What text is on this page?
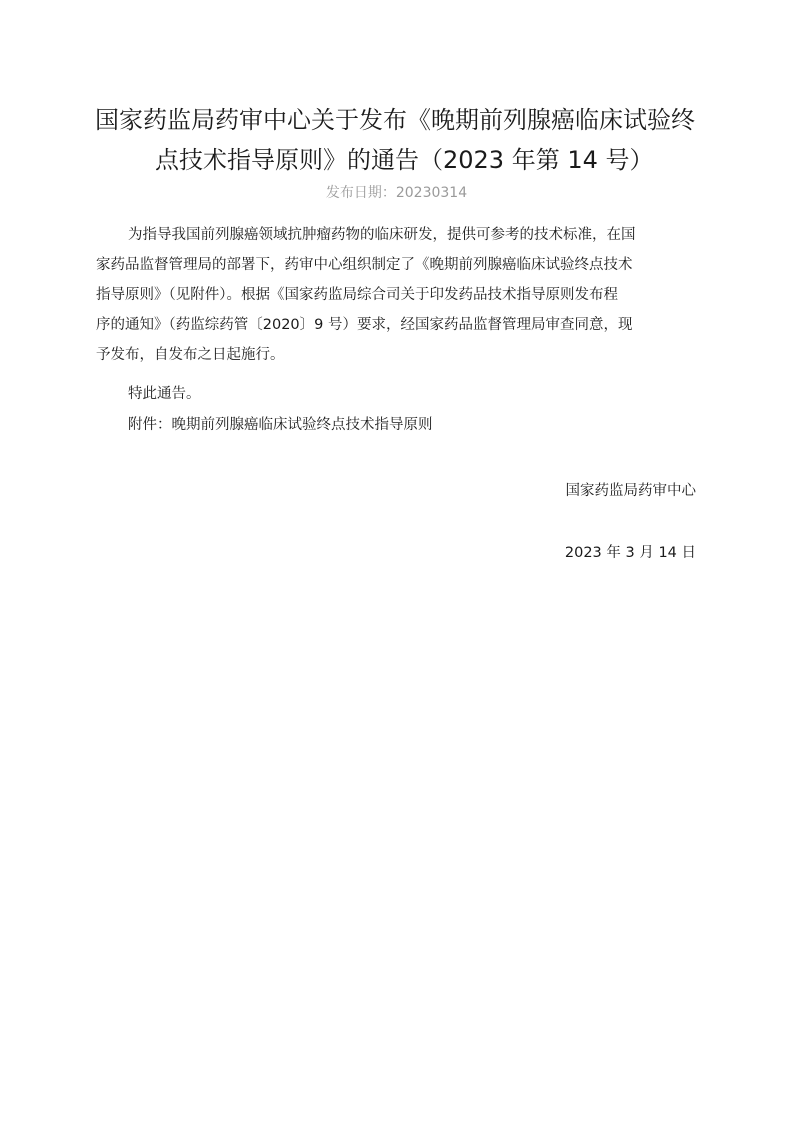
国家药监局药审中心关于发布《晚期前列腺癌临床试验终
点技术指导原则》的通告（2023 年第 14 号）
发布日期：20230314
为指导我国前列腺癌领域抗肿瘤药物的临床研发，提供可参考的技术标准，在国
家药品监督管理局的部署下，药审中心组织制定了《晚期前列腺癌临床试验终点技术
指导原则》（见附件）。根据《国家药监局综合司关于印发药品技术指导原则发布程
序的通知》（药监综药管〔2020〕9 号）要求，经国家药品监督管理局审查同意，现
予发布，自发布之日起施行。
特此通告。
附件：晚期前列腺癌临床试验终点技术指导原则
国家药监局药审中心
2023 年 3 月 14 日
